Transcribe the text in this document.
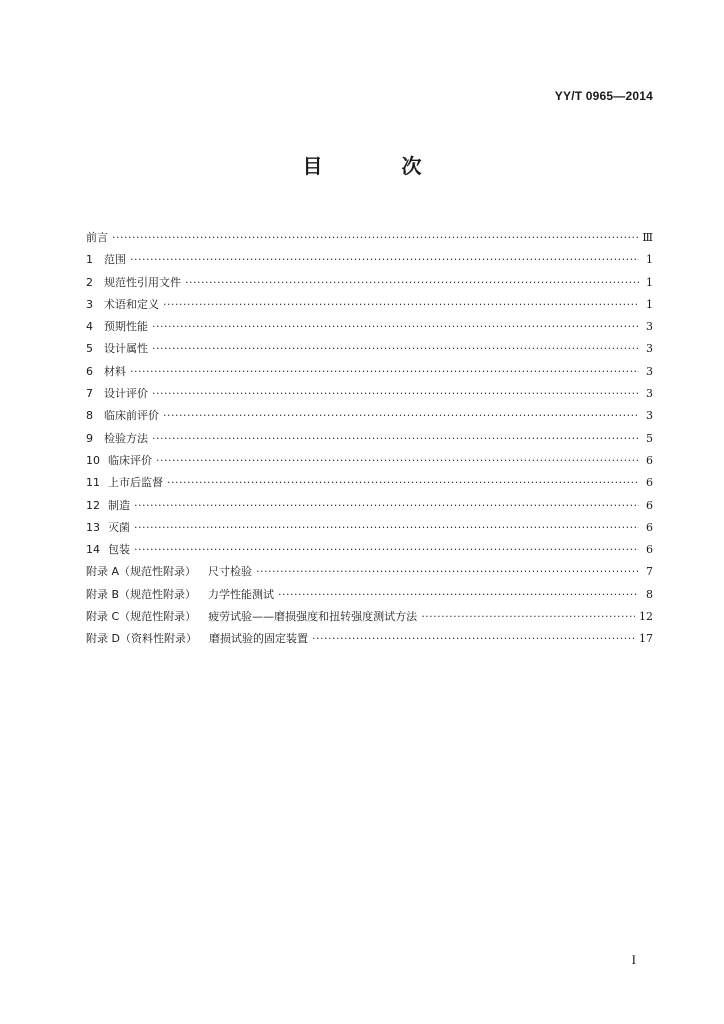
YY/T 0965—2014
目 次
前言 ·····	Ⅲ
1	范围 ·····	1
2	规范性引用文件 ·····	1
3	术语和定义 ·····	1
4	预期性能 ·····	3
5	设计属性 ·····	3
6	材料 ·····	3
7	设计评价 ·····	3
8	临床前评价 ·····	3
9	检验方法 ·····	5
10 临床评价 ·····	6
11 上市后监督 ·····	6
12 制造 ·····	6
13 灭菌 ·····	6
14 包装 ·····	6
附录 A（规范性附录） 尺寸检验 ·····	7
附录 B（规范性附录） 力学性能测试 ·····	8
附录 C（规范性附录） 疲劳试验——磨损强度和扭转强度测试方法 ·····	12
附录 D（资料性附录） 磨损试验的固定装置 ·····	17
I
